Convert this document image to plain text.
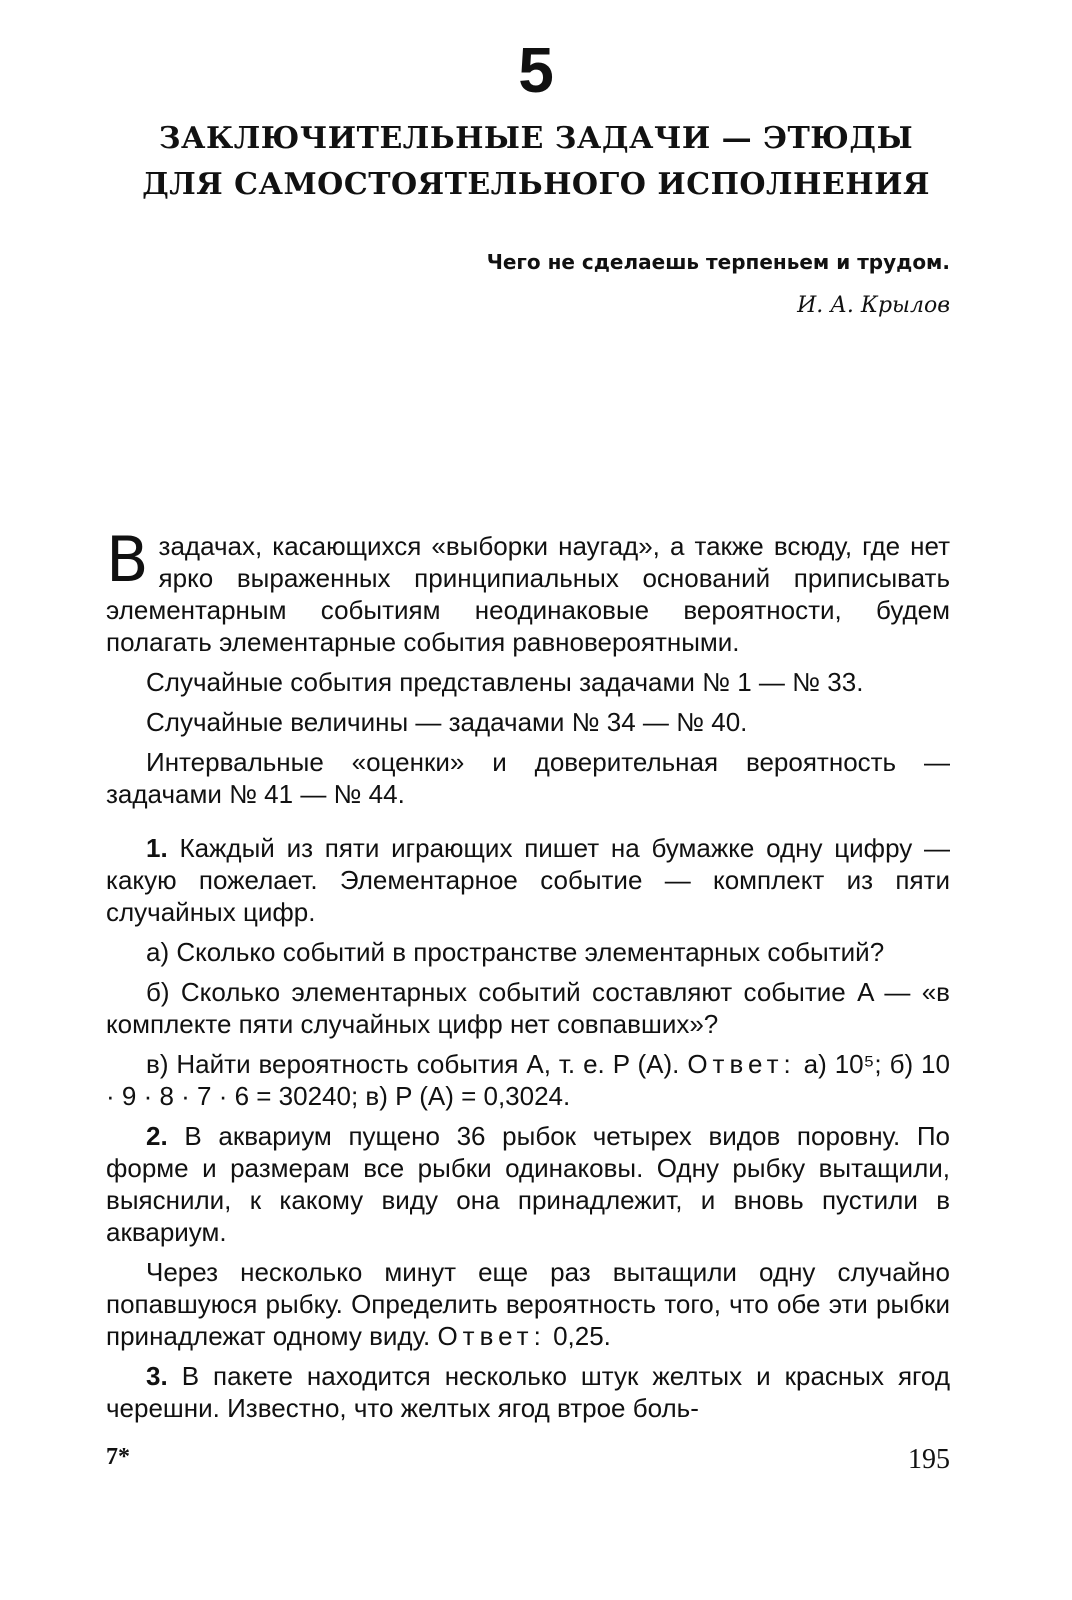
5
ЗАКЛЮЧИТЕЛЬНЫЕ ЗАДАЧИ — ЭТЮДЫ
ДЛЯ САМОСТОЯТЕЛЬНОГО ИСПОЛНЕНИЯ
Чего не сделаешь терпеньем и трудом.
И. А. Крылов

Взадачах, касающихся «выборки наугад», а также всюду, где нет ярко выраженных принципиальных оснований приписывать элементарным событиям неодинаковые вероятности, будем полагать элементарные события равновероятными.

Случайные события представлены задачами № 1 — № 33.

Случайные величины — задачами № 34 — № 40.

Интервальные «оценки» и доверительная вероятность — задачами № 41 — № 44.

1. Каждый из пяти играющих пишет на бумажке одну цифру — какую пожелает. Элементарное событие — комплект из пяти случайных цифр.

а) Сколько событий в пространстве элементарных событий?

б) Сколько элементарных событий составляют событие A — «в комплекте пяти случайных цифр нет совпавших»?

в) Найти вероятность события A, т. е. P (A). Ответ: а) 10⁵; б) 10 · 9 · 8 · 7 · 6 = 30240; в) P (A) = 0,3024.

2. В аквариум пущено 36 рыбок четырех видов поровну. По форме и размерам все рыбки одинаковы. Одну рыбку вытащили, выяснили, к какому виду она принадлежит, и вновь пустили в аквариум.

Через несколько минут еще раз вытащили одну случайно попавшуюся рыбку. Определить вероятность того, что обе эти рыбки принадлежат одному виду. Ответ: 0,25.

3. В пакете находится несколько штук желтых и красных ягод черешни. Известно, что желтых ягод втрое боль-

7*	195
